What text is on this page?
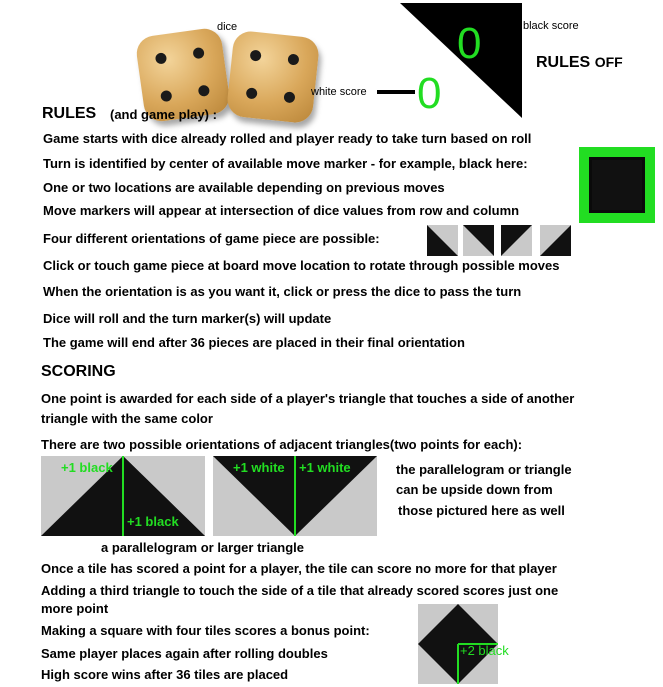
dice	0	black score
0
white score
RULES OFF
RULES (and game play) :
Game starts with dice already rolled and player ready to take turn based on roll
Turn is identified by center of available move marker - for example, black here:
One or two locations are available depending on previous moves
Move markers will appear at intersection of dice values from row and column
Four different orientations of game piece are possible:
Click or touch game piece at board move location to rotate through possible moves
When the orientation is as you want it, click or press the dice to pass the turn
Dice will roll and the turn marker(s) will update
The game will end after 36 pieces are placed in their final orientation
SCORING
One point is awarded for each side of a player's triangle that touches a side of another
triangle with the same color
There are two possible orientations of adjacent triangles(two points for each):
+1 black
+1 black
+1 white +1 white	the parallelogram or triangle
can be upside down from
those pictured here as well
a parallelogram or larger triangle
Once a tile has scored a point for a player, the tile can score no more for that player
Adding a third triangle to touch the side of a tile that already scored scores just one
more point
Making a square with four tiles scores a bonus point:
Same player places again after rolling doubles
High score wins after 36 tiles are placed
+2 black
